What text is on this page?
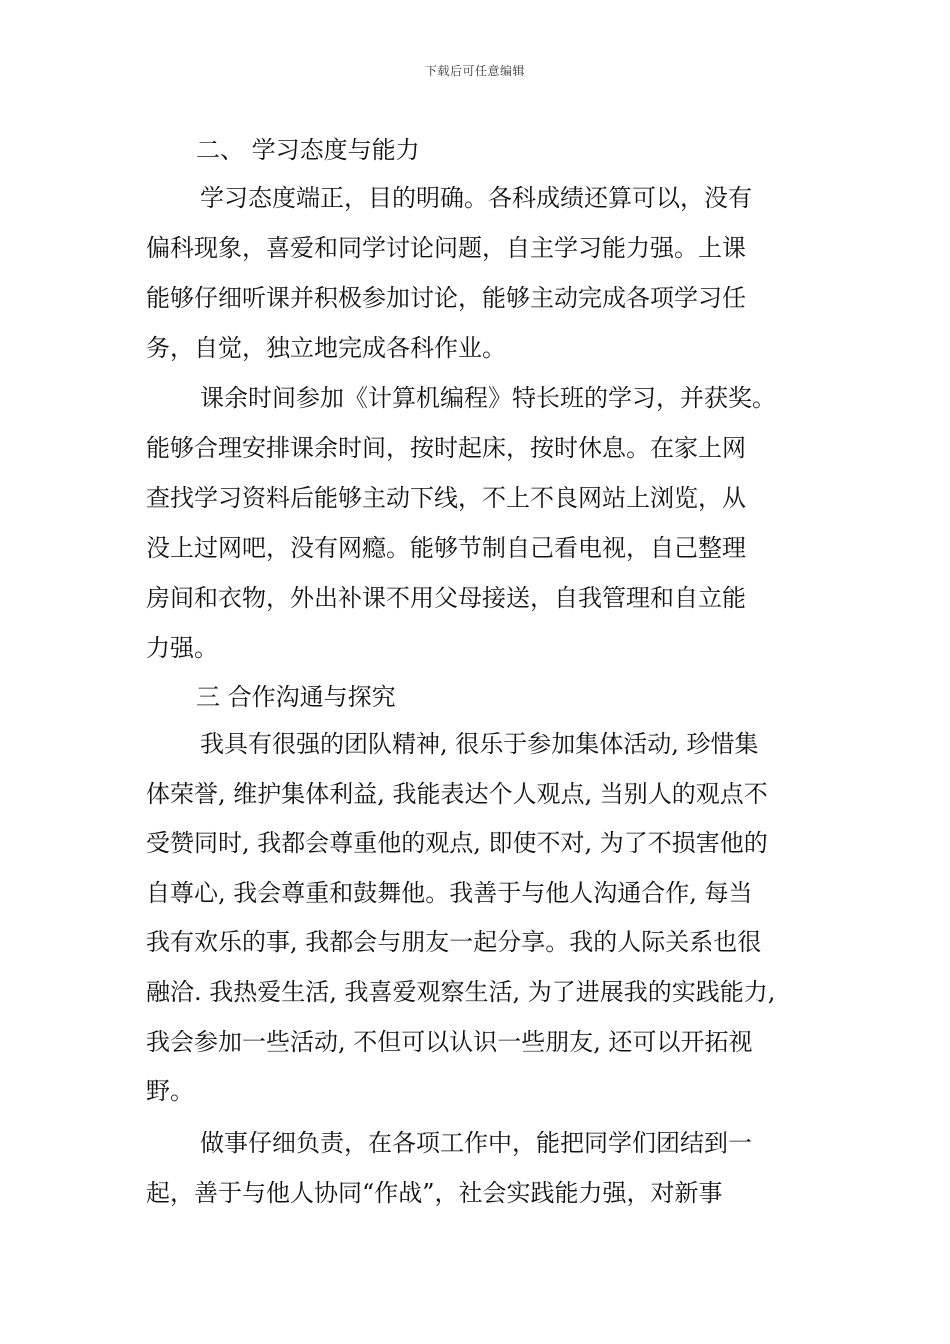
下载后可任意编辑
二、 学习态度与能力
学习态度端正，目的明确。各科成绩还算可以，没有
偏科现象，喜爱和同学讨论问题，自主学习能力强。上课
能够仔细听课并积极参加讨论，能够主动完成各项学习任
务，自觉，独立地完成各科作业。
课余时间参加《计算机编程》特长班的学习，并获奖。
能够合理安排课余时间，按时起床，按时休息。在家上网
查找学习资料后能够主动下线，不上不良网站上浏览，从
没上过网吧，没有网瘾。能够节制自己看电视，自己整理
房间和衣物，外出补课不用父母接送，自我管理和自立能
力强。
三 合作沟通与探究
我具有很强的团队精神, 很乐于参加集体活动, 珍惜集
体荣誉, 维护集体利益, 我能表达个人观点, 当别人的观点不
受赞同时, 我都会尊重他的观点, 即使不对, 为了不损害他的
自尊心, 我会尊重和鼓舞他。我善于与他人沟通合作, 每当
我有欢乐的事, 我都会与朋友一起分享。我的人际关系也很
融洽. 我热爱生活, 我喜爱观察生活, 为了进展我的实践能力,
我会参加一些活动, 不但可以认识一些朋友, 还可以开拓视
野。
做事仔细负责，在各项工作中，能把同学们团结到一
起，善于与他人协同“作战”，社会实践能力强，对新事
